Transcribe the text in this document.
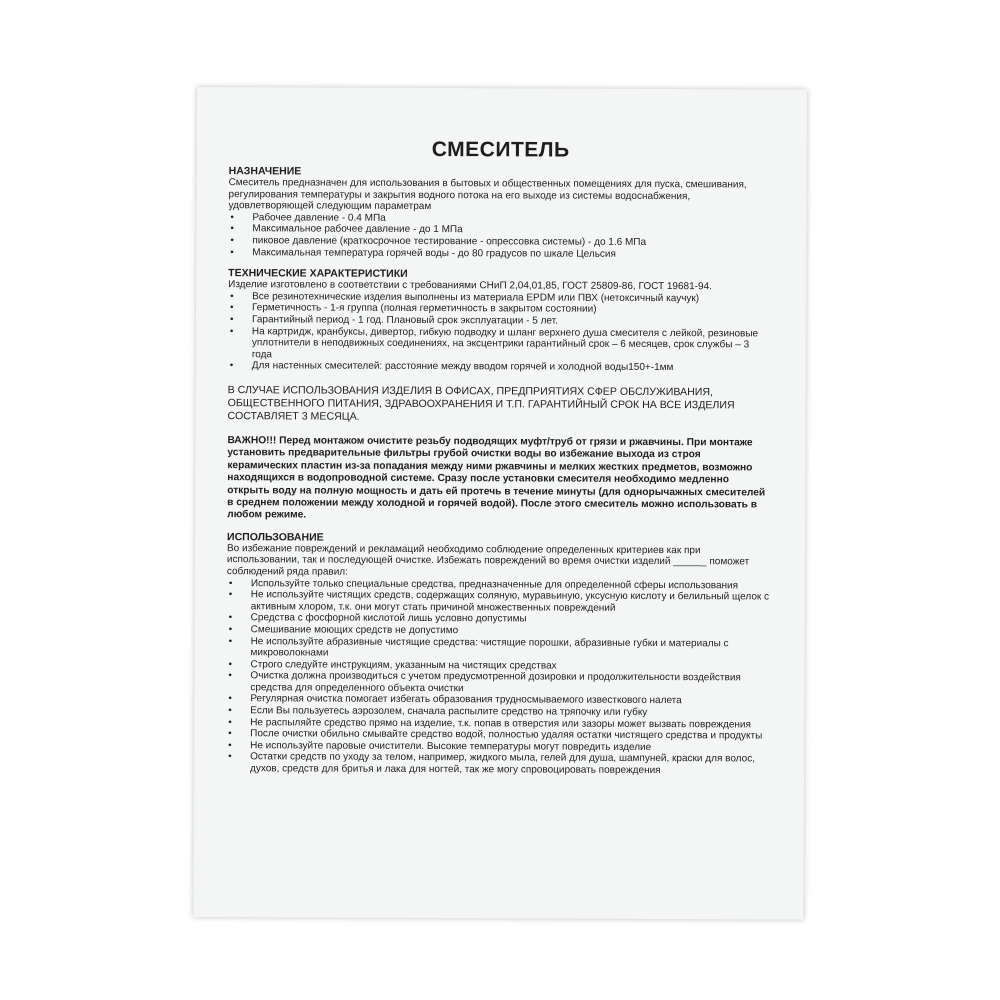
СМЕСИТЕЛЬ
НАЗНАЧЕНИЕ
Смеситель предназначен для использования в бытовых и общественных помещениях для пуска, смешивания, регулирования температуры и закрытия водного потока на его выходе из системы водоснабжения, удовлетворяющей следующим параметрам
• Рабочее давление - 0.4 МПа
• Максимальное рабочее давление - до 1 МПа
• пиковое давление (краткосрочное тестирование - опрессовка системы) - до 1.6 МПа
• Максимальная температура горячей воды - до 80 градусов по шкале Цельсия
ТЕХНИЧЕСКИЕ ХАРАКТЕРИСТИКИ
Изделие изготовлено в соответствии с требованиями СНиП 2,04,01,85, ГОСТ 25809-86, ГОСТ 19681-94.
• Все резинотехнические изделия выполнены из материала EPDM или ПВХ (нетоксичный каучук)
• Герметичность - 1-я группа (полная герметичность в закрытом состоянии)
• Гарантийный период - 1 год. Плановый срок эксплуатации - 5 лет.
• На картридж, кранбуксы, дивертор, гибкую подводку и шланг верхнего душа смесителя с лейкой, резиновые уплотнители в неподвижных соединениях, на эксцентрики гарантийный срок – 6 месяцев, срок службы – 3 года
• Для настенных смесителей: расстояние между вводом горячей и холодной воды150+-1мм
В СЛУЧАЕ ИСПОЛЬЗОВАНИЯ ИЗДЕЛИЯ В ОФИСАХ, ПРЕДПРИЯТИЯХ СФЕР ОБСЛУЖИВАНИЯ, ОБЩЕСТВЕННОГО ПИТАНИЯ, ЗДРАВООХРАНЕНИЯ И Т.П. ГАРАНТИЙНЫЙ СРОК НА ВСЕ ИЗДЕЛИЯ СОСТАВЛЯЕТ 3 МЕСЯЦА.
ВАЖНО!!! Перед монтажом очистите резьбу подводящих муфт/труб от грязи и ржавчины. При монтаже установить предварительные фильтры грубой очистки воды во избежание выхода из строя керамических пластин из-за попадания между ними ржавчины и мелких жестких предметов, возможно находящихся в водопроводной системе. Сразу после установки смесителя необходимо медленно открыть воду на полную мощность и дать ей протечь в течение минуты (для однорычажных смесителей в среднем положении между холодной и горячей водой). После этого смеситель можно использовать в любом режиме.
ИСПОЛЬЗОВАНИЕ
Во избежание повреждений и рекламаций необходимо соблюдение определенных критериев как при использовании, так и последующей очистке. Избежать повреждений во время очистки изделий ______ поможет соблюдений ряда правил:
• Используйте только специальные средства, предназначенные для определенной сферы использования
• Не используйте чистящих средств, содержащих соляную, муравьиную, уксусную кислоту и белильный щелок с активным хлором, т.к. они могут стать причиной множественных повреждений
• Средства с фосфорной кислотой лишь условно допустимы
• Смешивание моющих средств не допустимо
• Не используйте абразивные чистящие средства: чистящие порошки, абразивные губки и материалы с микроволокнами
• Строго следуйте инструкциям, указанным на чистящих средствах
• Очистка должна производиться с учетом предусмотренной дозировки и продолжительности воздействия средства для определенного объекта очистки
• Регулярная очистка помогает избегать образования трудносмываемого известкового налета
• Если Вы пользуетесь аэрозолем, сначала распылите средство на тряпочку или губку
• Не распыляйте средство прямо на изделие, т.к. попав в отверстия или зазоры может вызвать повреждения
• После очистки обильно смывайте средство водой, полностью удаляя остатки чистящего средства и продукты
• Не используйте паровые очистители. Высокие температуры могут повредить изделие
• Остатки средств по уходу за телом, например, жидкого мыла, гелей для душа, шампуней, краски для волос, духов, средств для бритья и лака для ногтей, так же могу спровоцировать повреждения
